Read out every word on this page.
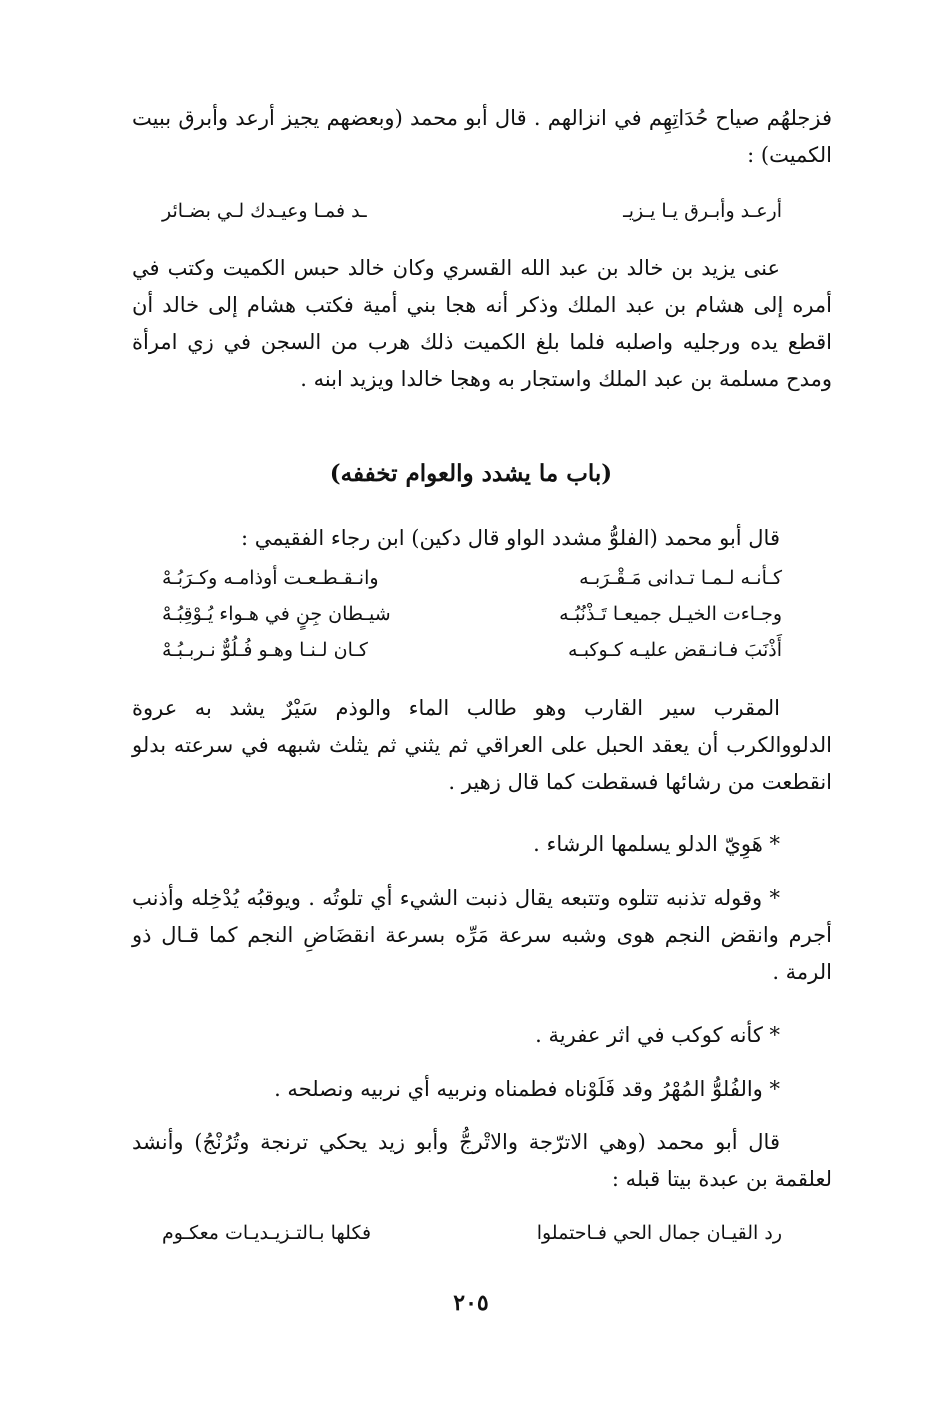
فزجلهُم صياح حُدَاتِهِم في انزالهم . قال أبو محمد (وبعضهم يجيز أرعد وأبرق ببيت الكميت) :

أرعـد وأبـرق يـا يـزيـ
ـد فمـا وعيـدك لـي بضـائر

عنى يزيد بن خالد بن عبد الله القسري وكان خالد حبس الكميت وكتب في أمره إلى هشام بن عبد الملك وذكر أنه هجا بني أمية فكتب هشام إلى خالد أن اقطع يده ورجليه واصلبه فلما بلغ الكميت ذلك هرب من السجن في زي امرأة ومدح مسلمة بن عبد الملك واستجار به وهجا خالدا ويزيد ابنه .

(باب ما يشدد والعوام تخففه)

قال أبو محمد (الفلوُّ مشدد الواو قال دكين) ابن رجاء الفقيمي :

كـأنـه لـمـا تـدانى مَـقْـرَبـه
وانـقـطـعـت أوذامـه وكـرَبُـهْ
وجـاءت الخيـل جميعـا تَـذْنُبُـه
شيـطان جِنٍ في هـواء يُـوْقِبُـهْ
أَذْنَبَ فـانـقض عليـه كـوكبـه
كـان لـنـا وهـو فُـلُوٌّ نـربـبُـهْ

المقرب سير القارب وهو طالب الماء والوذم سَيْرٌ يشد به عروة الدلووالكرب أن يعقد الحبل على العراقي ثم يثني ثم يثلث شبهه في سرعته بدلو انقطعت من رشائها فسقطت كما قال زهير .

* هَوِيّ الدلو يسلمها الرشاء .

* وقوله تذنبه تتلوه وتتبعه يقال ذنبت الشيء أي تلوتُه . ويوقبُه يُدْخِله وأذنب أجرم وانقض النجم هوى وشبه سرعة مَرِّه بسرعة انقضَاضِ النجم كما قـال ذو الرمة .

* كأنه كوكب في اثر عفرية .

* والفُلوُّ المُهْرُ وقد فَلَوْناه فطمناه ونربيه أي نربيه ونصلحه .

قال أبو محمد (وهي الاترّجة والاتْرجُّ وأبو زيد يحكي ترنجة وتُرُنْجُ) وأنشد لعلقمة بن عبدة بيتا قبله :

رد القيـان جمال الحي فـاحتملوا
فكلها بـالتـزيـديـات معكـوم
٢٠٥
